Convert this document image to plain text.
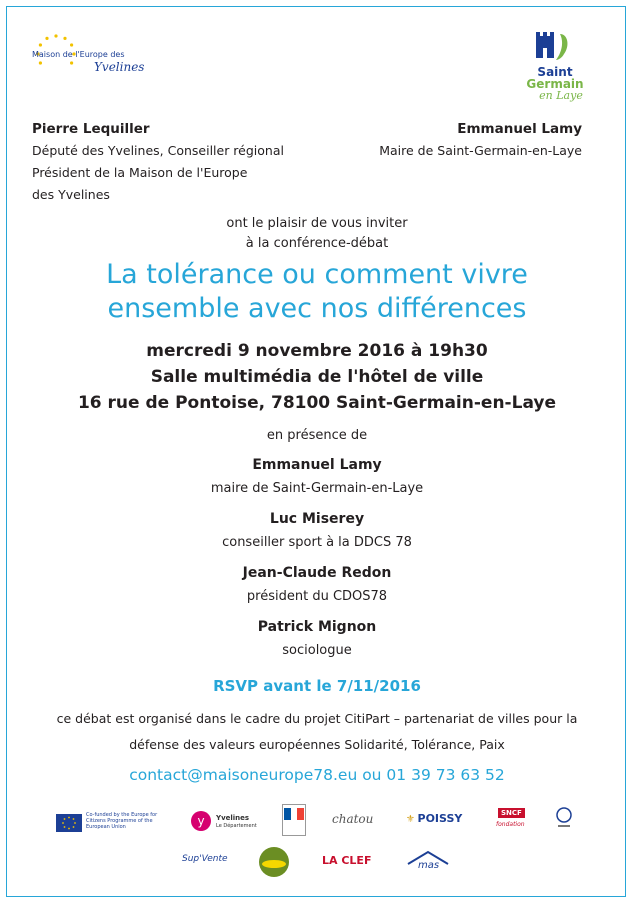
Maison de l'Europe des
Yvelines	Saint
Germain
en Laye
Pierre Lequiller
Député des Yvelines, Conseiller régional
Président de la Maison de l'Europe
des Yvelines
Emmanuel Lamy
Maire de Saint-Germain-en-Laye
ont le plaisir de vous inviter
à la conférence-débat
La tolérance ou comment vivre
ensemble avec nos différences
mercredi 9 novembre 2016 à 19h30
Salle multimédia de l'hôtel de ville
16 rue de Pontoise, 78100 Saint-Germain-en-Laye
en présence de
Emmanuel Lamy
maire de Saint-Germain-en-Laye
Luc Miserey
conseiller sport à la DDCS 78
Jean-Claude Redon
président du CDOS78
Patrick Mignon
sociologue
RSVP avant le 7/11/2016
ce débat est organisé dans le cadre du projet CitiPart – partenariat de villes pour la
défense des valeurs européennes Solidarité, Tolérance, Paix
contact@maisoneurope78.eu ou 01 39 73 63 52
Co-funded by the Europe for Citizens Programme of the European Union	y Yvelines
Le Département	chatou	⚜ POISSY	SNCF
fondation
Sup'Vente	LA CLEF	mas
